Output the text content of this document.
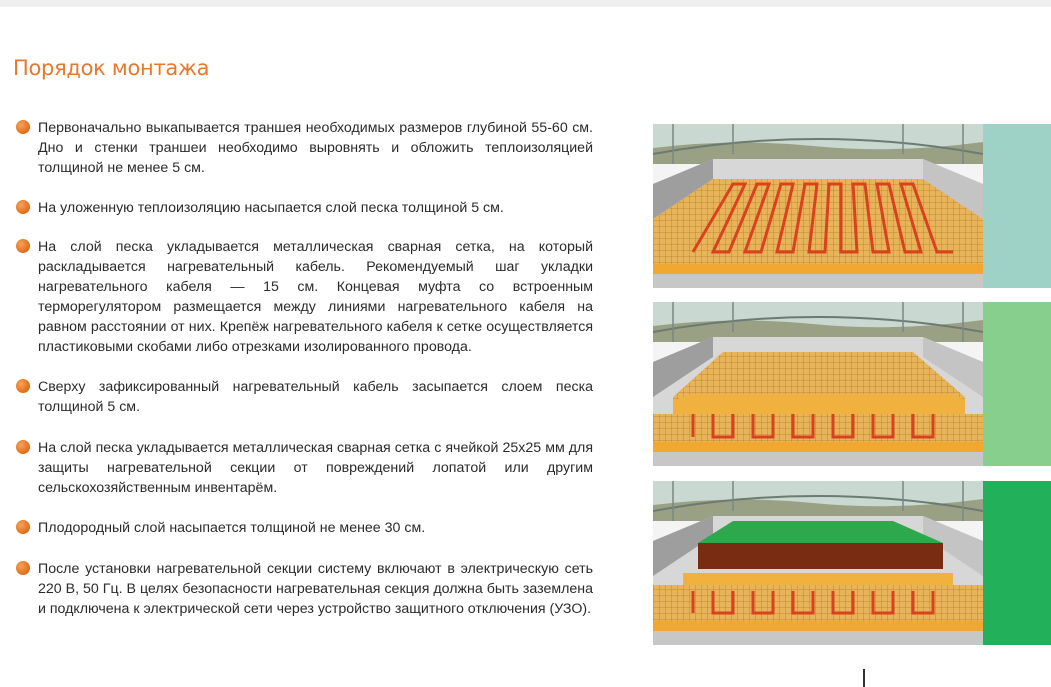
Порядок монтажа

Первоначально выкапывается траншея необходимых размеров глубиной 55-60 см. Дно и стенки траншеи необходимо выровнять и обложить теплоизоляцией толщиной не менее 5 см.

На уложенную теплоизоляцию насыпается слой песка толщиной 5 см.

На слой песка укладывается металлическая сварная сетка, на который раскладывается нагревательный кабель. Рекомендуемый шаг укладки нагревательного кабеля — 15 см. Концевая муфта со встроенным терморегулятором размещается между линиями нагревательного кабеля на равном расстоянии от них. Крепёж нагревательного кабеля к сетке осуществляется пластиковыми скобами либо отрезками изолированного провода.

Сверху зафиксированный нагревательный кабель засыпается слоем песка толщиной 5 см.

На слой песка укладывается металлическая сварная сетка с ячейкой 25х25 мм для защиты нагревательной секции от повреждений лопатой или другим сельскохозяйственным инвентарём.

Плодородный слой насыпается толщиной не менее 30 см.

После установки нагревательной секции систему включают в электрическую сеть 220 В, 50 Гц. В целях безопасности нагревательная секция должна быть заземлена и подключена к электрической сети через устройство защитного отключения (УЗО).
